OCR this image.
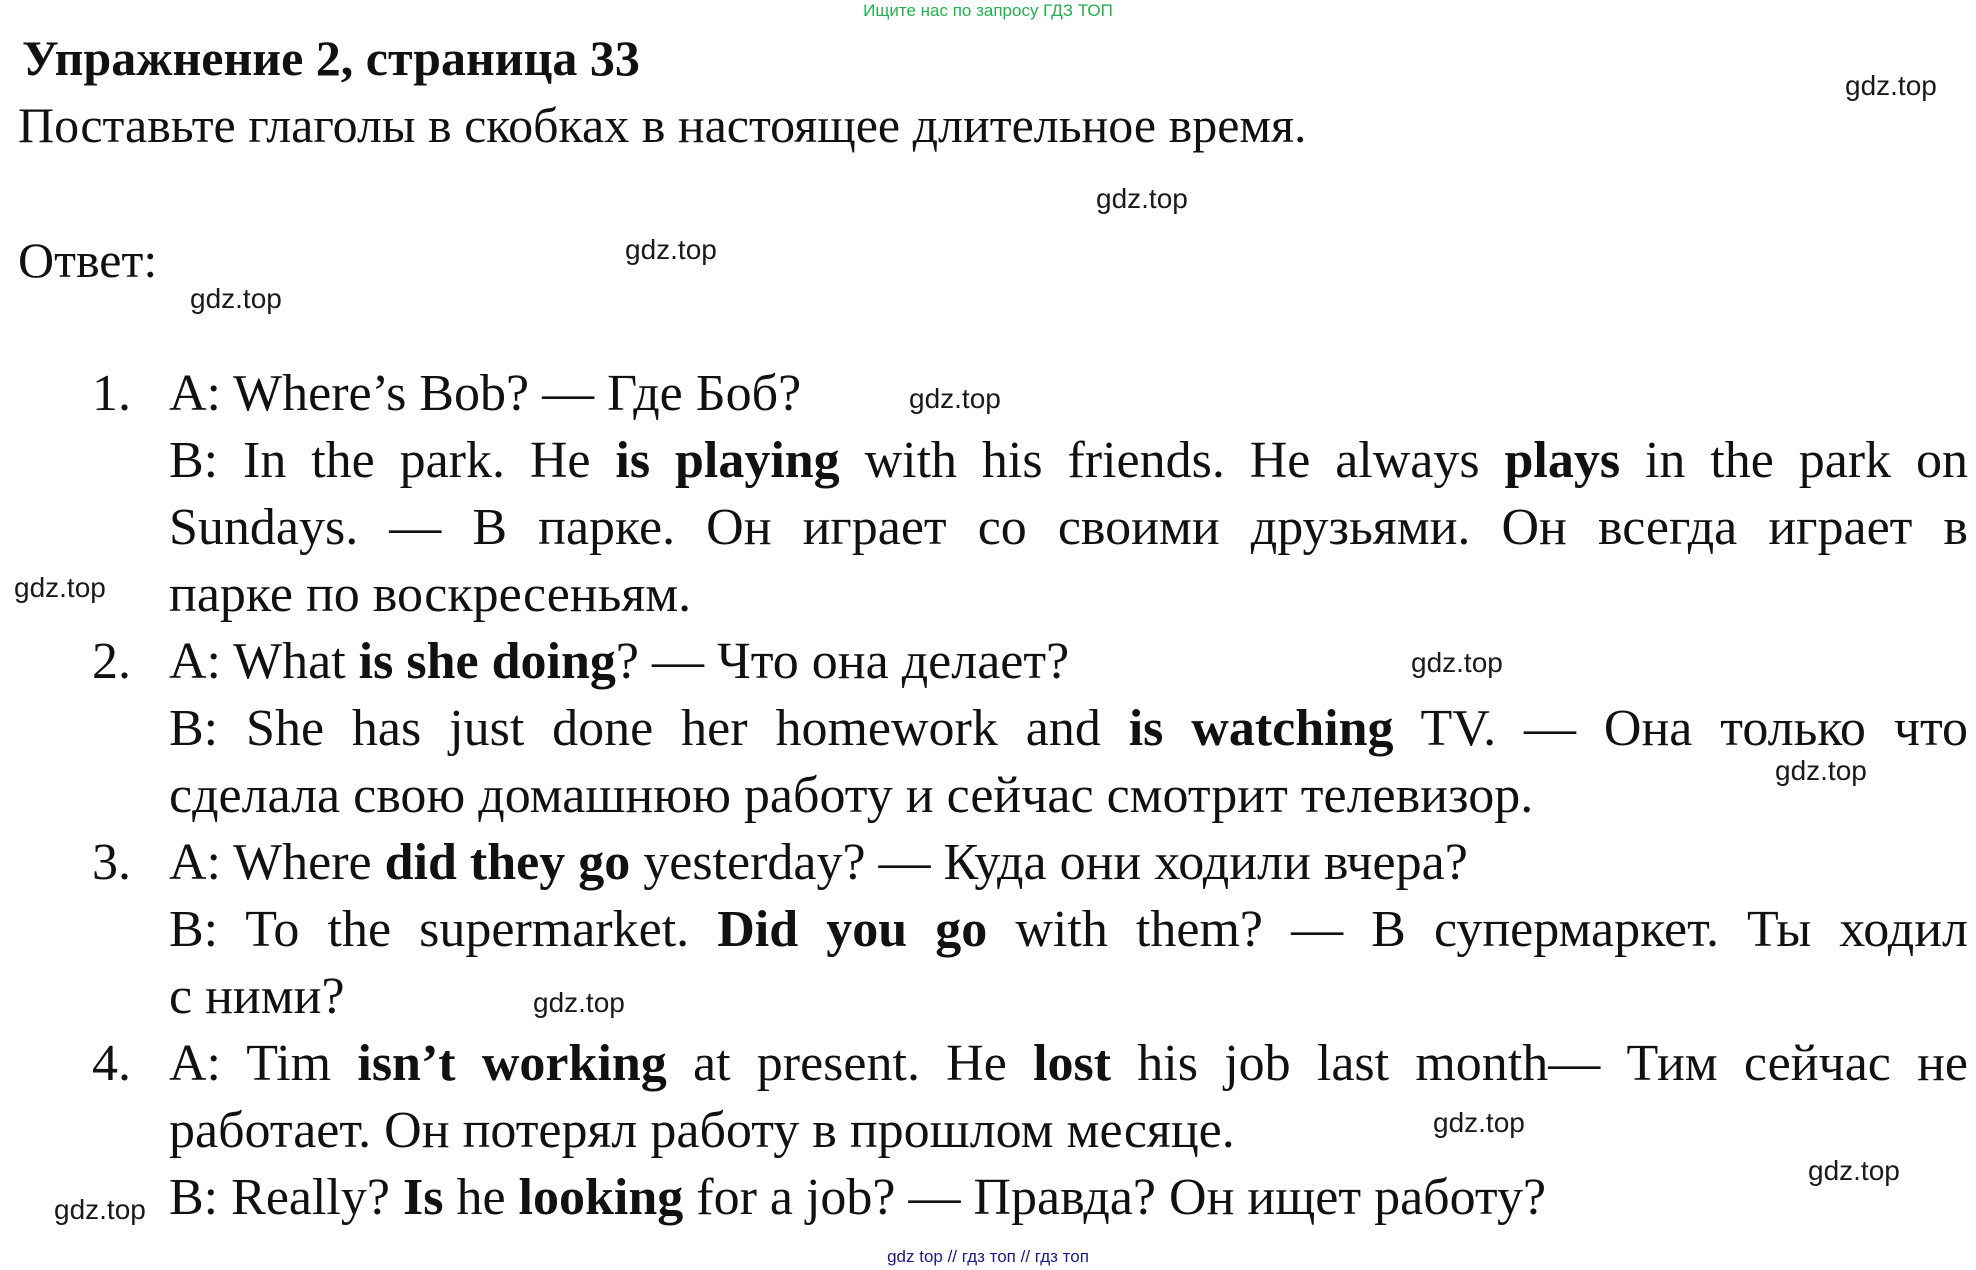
Ищите нас по запросу ГДЗ ТОП
Упражнение 2, страница 33

Поставьте глаголы в скобках в настоящее длительное время.

Ответ:

1. A: Where’s Bob? — Где Боб?
B: In the park. He is playing with his friends. He always plays in the park on
Sundays. — В парке. Он играет со своими друзьями. Он всегда играет в
парке по воскресеньям.
2. A: What is she doing? — Что она делает?
B: She has just done her homework and is watching TV. — Она только что
сделала свою домашнюю работу и сейчас смотрит телевизор.
3. A: Where did they go yesterday? — Куда они ходили вчера?
B: To the supermarket. Did you go with them? — В супермаркет. Ты ходил
с ними?
4. A: Tim isn’t working at present. He lost his job last month— Тим сейчас не
работает. Он потерял работу в прошлом месяце.
B: Really? Is he looking for a job? — Правда? Он ищет работу?
gdz.top
gdz.top
gdz.top
gdz.top
gdz.top
gdz.top
gdz.top
gdz.top
gdz.top
gdz.top
gdz.top
gdz.top
gdz top // гдз топ // гдз топ
